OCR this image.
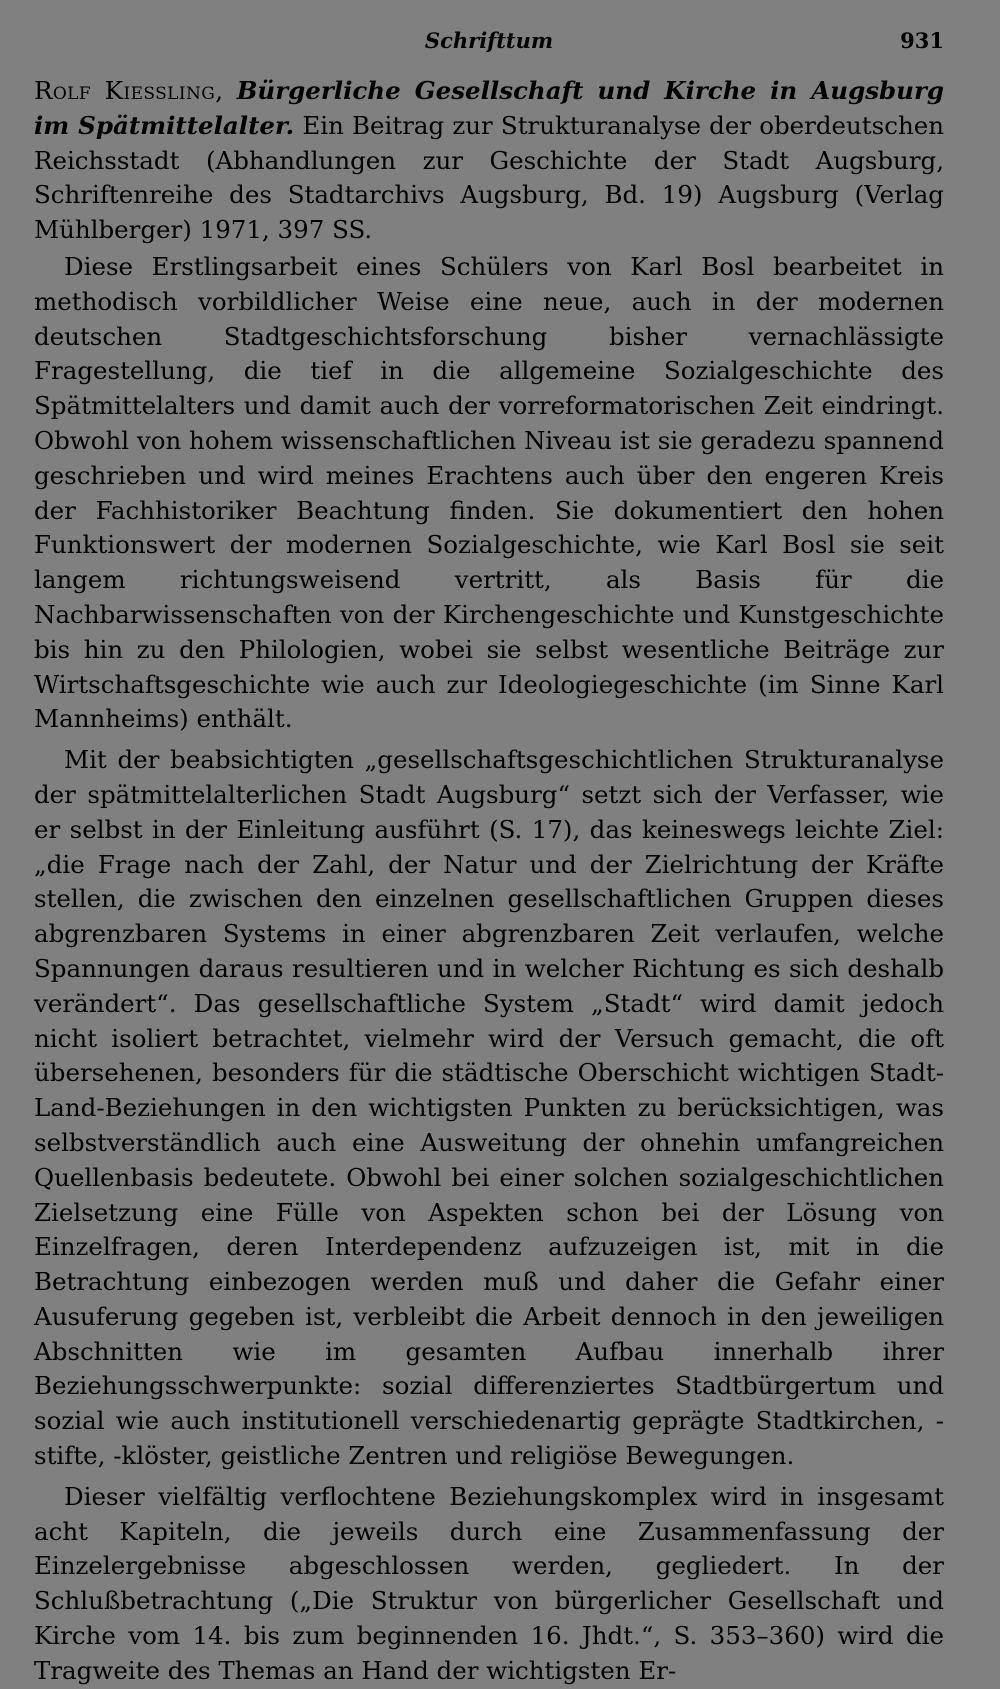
Schrifttum	931

Rolf Kiessling, Bürgerliche Gesellschaft und Kirche in Augsburg im Spätmittelalter. Ein Beitrag zur Strukturanalyse der oberdeutschen Reichsstadt (Abhandlungen zur Geschichte der Stadt Augsburg, Schriftenreihe des Stadtarchivs Augsburg, Bd. 19) Augsburg (Verlag Mühlberger) 1971, 397 SS.

Diese Erstlingsarbeit eines Schülers von Karl Bosl bearbeitet in methodisch vorbildlicher Weise eine neue, auch in der modernen deutschen Stadtgeschichtsforschung bisher vernachlässigte Fragestellung, die tief in die allgemeine Sozialgeschichte des Spätmittelalters und damit auch der vorreformatorischen Zeit eindringt. Obwohl von hohem wissenschaftlichen Niveau ist sie geradezu spannend geschrieben und wird meines Erachtens auch über den engeren Kreis der Fachhistoriker Beachtung finden. Sie dokumentiert den hohen Funktionswert der modernen Sozialgeschichte, wie Karl Bosl sie seit langem richtungsweisend vertritt, als Basis für die Nachbarwissenschaften von der Kirchengeschichte und Kunstgeschichte bis hin zu den Philologien, wobei sie selbst wesentliche Beiträge zur Wirtschaftsgeschichte wie auch zur Ideologiegeschichte (im Sinne Karl Mannheims) enthält.

Mit der beabsichtigten „gesellschaftsgeschichtlichen Strukturanalyse der spätmittelalterlichen Stadt Augsburg“ setzt sich der Verfasser, wie er selbst in der Einleitung ausführt (S. 17), das keineswegs leichte Ziel: „die Frage nach der Zahl, der Natur und der Zielrichtung der Kräfte stellen, die zwischen den einzelnen gesellschaftlichen Gruppen dieses abgrenzbaren Systems in einer abgrenzbaren Zeit verlaufen, welche Spannungen daraus resultieren und in welcher Richtung es sich deshalb verändert“. Das gesellschaftliche System „Stadt“ wird damit jedoch nicht isoliert betrachtet, vielmehr wird der Versuch gemacht, die oft übersehenen, besonders für die städtische Oberschicht wichtigen Stadt-Land-Beziehungen in den wichtigsten Punkten zu berücksichtigen, was selbstverständlich auch eine Ausweitung der ohnehin umfangreichen Quellenbasis bedeutete. Obwohl bei einer solchen sozialgeschichtlichen Zielsetzung eine Fülle von Aspekten schon bei der Lösung von Einzelfragen, deren Interdependenz aufzuzeigen ist, mit in die Betrachtung einbezogen werden muß und daher die Gefahr einer Ausuferung gegeben ist, verbleibt die Arbeit dennoch in den jeweiligen Abschnitten wie im gesamten Aufbau innerhalb ihrer Beziehungsschwerpunkte: sozial differenziertes Stadtbürgertum und sozial wie auch institutionell verschiedenartig geprägte Stadtkirchen, -stifte, -klöster, geistliche Zentren und religiöse Bewegungen.

Dieser vielfältig verflochtene Beziehungskomplex wird in insgesamt acht Kapiteln, die jeweils durch eine Zusammenfassung der Einzelergebnisse abgeschlossen werden, gegliedert. In der Schlußbetrachtung („Die Struktur von bürgerlicher Gesellschaft und Kirche vom 14. bis zum beginnenden 16. Jhdt.“, S. 353–360) wird die Tragweite des Themas an Hand der wichtigsten Er-
